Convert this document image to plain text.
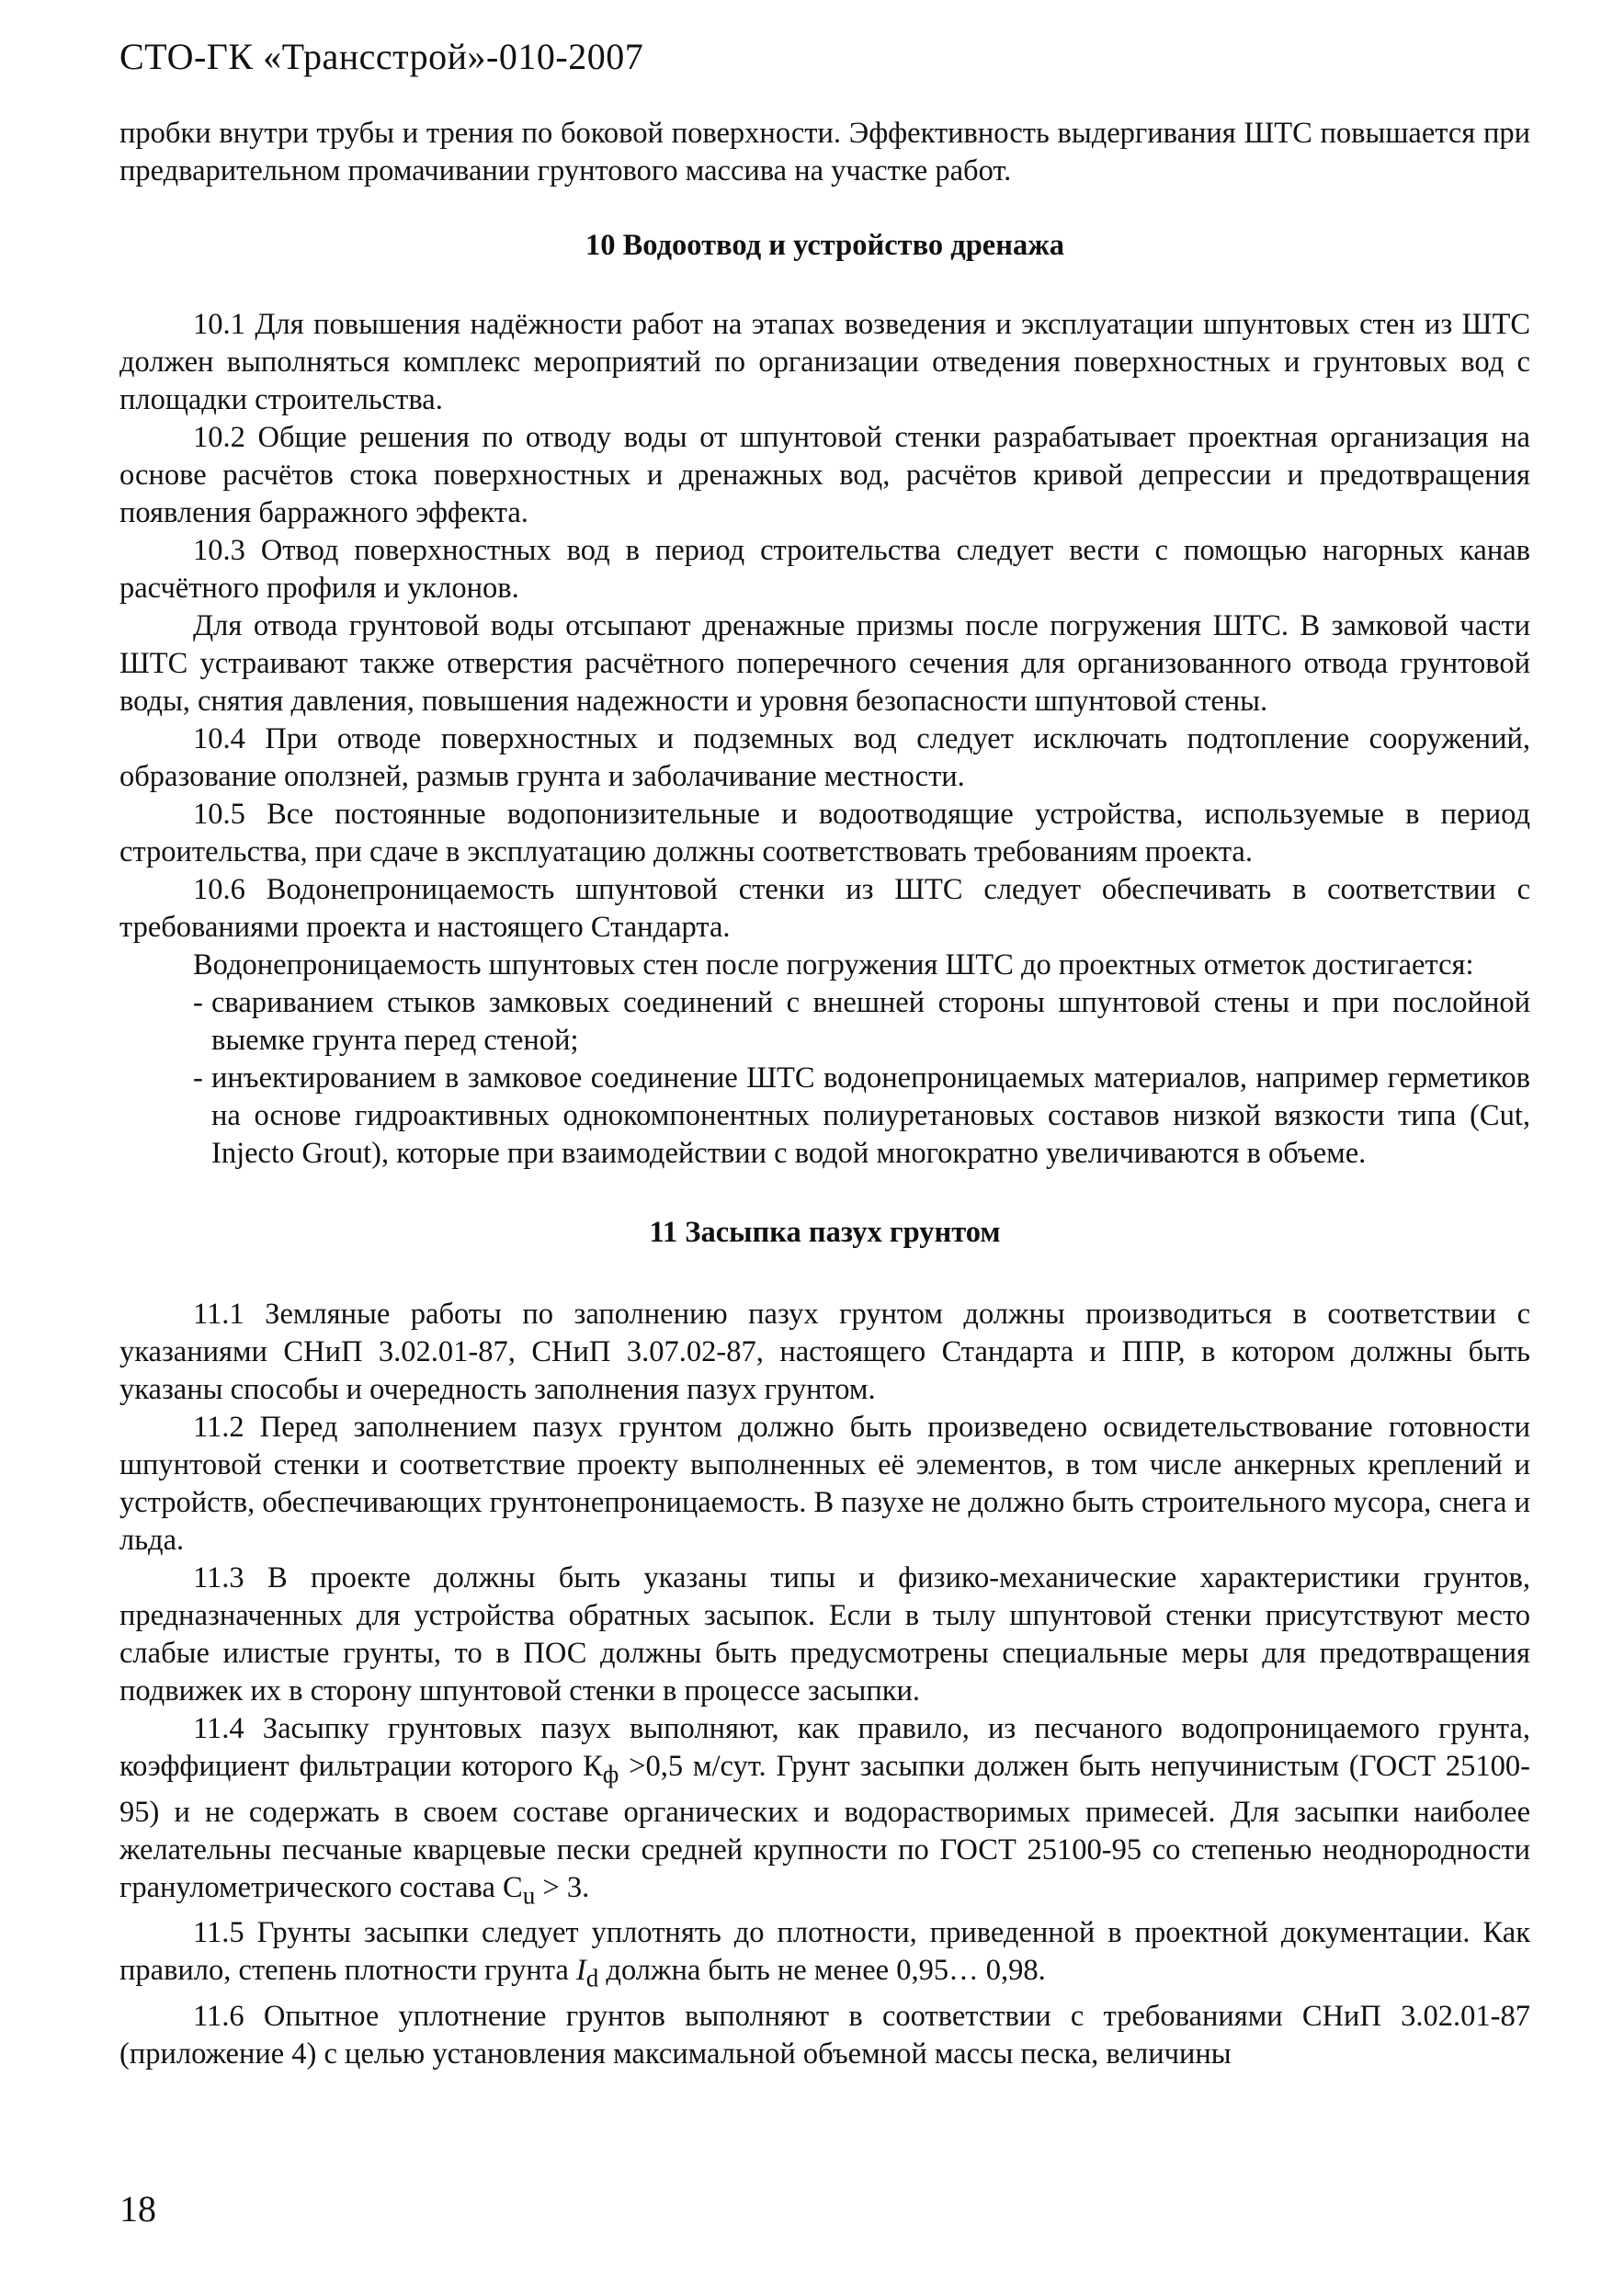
СТО-ГК «Трансстрой»-010-2007

пробки внутри трубы и трения по боковой поверхности. Эффективность выдергивания ШТС повышается при предварительном промачивании грунтового массива на участке работ.

10 Водоотвод и устройство дренажа

10.1 Для повышения надёжности работ на этапах возведения и эксплуатации шпунтовых стен из ШТС должен выполняться комплекс мероприятий по организации отведения поверхностных и грунтовых вод с площадки строительства.

10.2 Общие решения по отводу воды от шпунтовой стенки разрабатывает проектная организация на основе расчётов стока поверхностных и дренажных вод, расчётов кривой депрессии и предотвращения появления барражного эффекта.

10.3 Отвод поверхностных вод в период строительства следует вести с помощью нагорных канав расчётного профиля и уклонов.

Для отвода грунтовой воды отсыпают дренажные призмы после погружения ШТС. В замковой части ШТС устраивают также отверстия расчётного поперечного сечения для организованного отвода грунтовой воды, снятия давления, повышения надежности и уровня безопасности шпунтовой стены.

10.4 При отводе поверхностных и подземных вод следует исключать подтопление сооружений, образование оползней, размыв грунта и заболачивание местности.

10.5 Все постоянные водопонизительные и водоотводящие устройства, используемые в период строительства, при сдаче в эксплуатацию должны соответствовать требованиям проекта.

10.6 Водонепроницаемость шпунтовой стенки из ШТС следует обеспечивать в соответствии с требованиями проекта и настоящего Стандарта.

Водонепроницаемость шпунтовых стен после погружения ШТС до проектных отметок достигается:

- свариванием стыков замковых соединений с внешней стороны шпунтовой стены и при послойной выемке грунта перед стеной;
- инъектированием в замковое соединение ШТС водонепроницаемых материалов, например герметиков на основе гидроактивных однокомпонентных полиуретановых составов низкой вязкости типа (Cut, Injecto Grout), которые при взаимодействии с водой многократно увеличиваются в объеме.
11 Засыпка пазух грунтом

11.1 Земляные работы по заполнению пазух грунтом должны производиться в соответствии с указаниями СНиП 3.02.01-87, СНиП 3.07.02-87, настоящего Стандарта и ППР, в котором должны быть указаны способы и очередность заполнения пазух грунтом.

11.2 Перед заполнением пазух грунтом должно быть произведено освидетельствование готовности шпунтовой стенки и соответствие проекту выполненных её элементов, в том числе анкерных креплений и устройств, обеспечивающих грунтонепроницаемость. В пазухе не должно быть строительного мусора, снега и льда.

11.3 В проекте должны быть указаны типы и физико-механические характеристики грунтов, предназначенных для устройства обратных засыпок. Если в тылу шпунтовой стенки присутствуют место слабые илистые грунты, то в ПОС должны быть предусмотрены специальные меры для предотвращения подвижек их в сторону шпунтовой стенки в процессе засыпки.

11.4 Засыпку грунтовых пазух выполняют, как правило, из песчаного водопроницаемого грунта, коэффициент фильтрации которого $К_ф >0,5$ м/сут. Грунт засыпки должен быть непучинистым (ГОСТ 25100-95) и не содержать в своем составе органических и водорастворимых примесей. Для засыпки наиболее желательны песчаные кварцевые пески средней крупности по ГОСТ 25100-95 со степенью неоднородности гранулометрического состава $С_u > 3$.

11.5 Грунты засыпки следует уплотнять до плотности, приведенной в проектной документации. Как правило, степень плотности грунта $I_d$ должна быть не менее 0,95… 0,98.

11.6 Опытное уплотнение грунтов выполняют в соответствии с требованиями СНиП 3.02.01-87 (приложение 4) с целью установления максимальной объемной массы песка, величины

18
